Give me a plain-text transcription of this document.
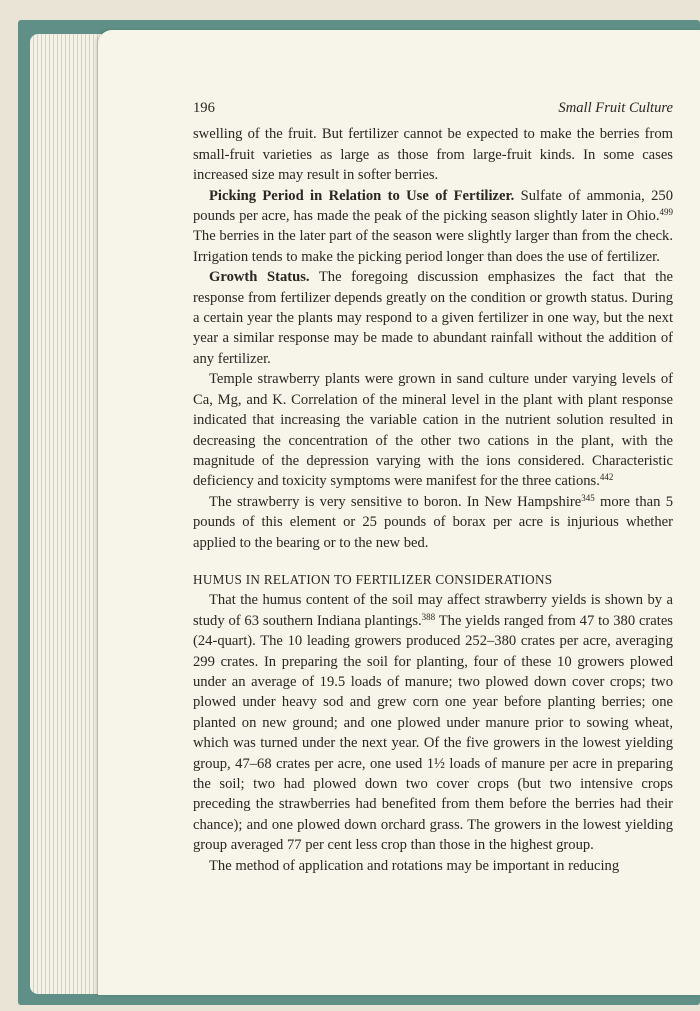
196	Small Fruit Culture

swelling of the fruit. But fertilizer cannot be expected to make the berries from small-fruit varieties as large as those from large-fruit kinds. In some cases increased size may result in softer berries.

Picking Period in Relation to Use of Fertilizer. Sulfate of ammonia, 250 pounds per acre, has made the peak of the picking season slightly later in Ohio.$^{499}$ The berries in the later part of the season were slightly larger than from the check. Irrigation tends to make the picking period longer than does the use of fertilizer.

Growth Status. The foregoing discussion emphasizes the fact that the response from fertilizer depends greatly on the condition or growth status. During a certain year the plants may respond to a given fertilizer in one way, but the next year a similar response may be made to abundant rainfall without the addition of any fertilizer.

Temple strawberry plants were grown in sand culture under varying levels of Ca, Mg, and K. Correlation of the mineral level in the plant with plant response indicated that increasing the variable cation in the nutrient solution resulted in decreasing the concentration of the other two cations in the plant, with the magnitude of the depression varying with the ions considered. Characteristic deficiency and toxicity symptoms were manifest for the three cations.$^{442}$

The strawberry is very sensitive to boron. In New Hampshire$^{345}$ more than 5 pounds of this element or 25 pounds of borax per acre is injurious whether applied to the bearing or to the new bed.

HUMUS IN RELATION TO FERTILIZER CONSIDERATIONS

That the humus content of the soil may affect strawberry yields is shown by a study of 63 southern Indiana plantings.$^{388}$ The yields ranged from 47 to 380 crates (24-quart). The 10 leading growers produced 252–380 crates per acre, averaging 299 crates. In preparing the soil for planting, four of these 10 growers plowed under an average of 19.5 loads of manure; two plowed down cover crops; two plowed under heavy sod and grew corn one year before planting berries; one planted on new ground; and one plowed under manure prior to sowing wheat, which was turned under the next year. Of the five growers in the lowest yielding group, 47–68 crates per acre, one used 1½ loads of manure per acre in preparing the soil; two had plowed down two cover crops (but two intensive crops preceding the strawberries had benefited from them before the berries had their chance); and one plowed down orchard grass. The growers in the lowest yielding group averaged 77 per cent less crop than those in the highest group.

The method of application and rotations may be important in reducing
